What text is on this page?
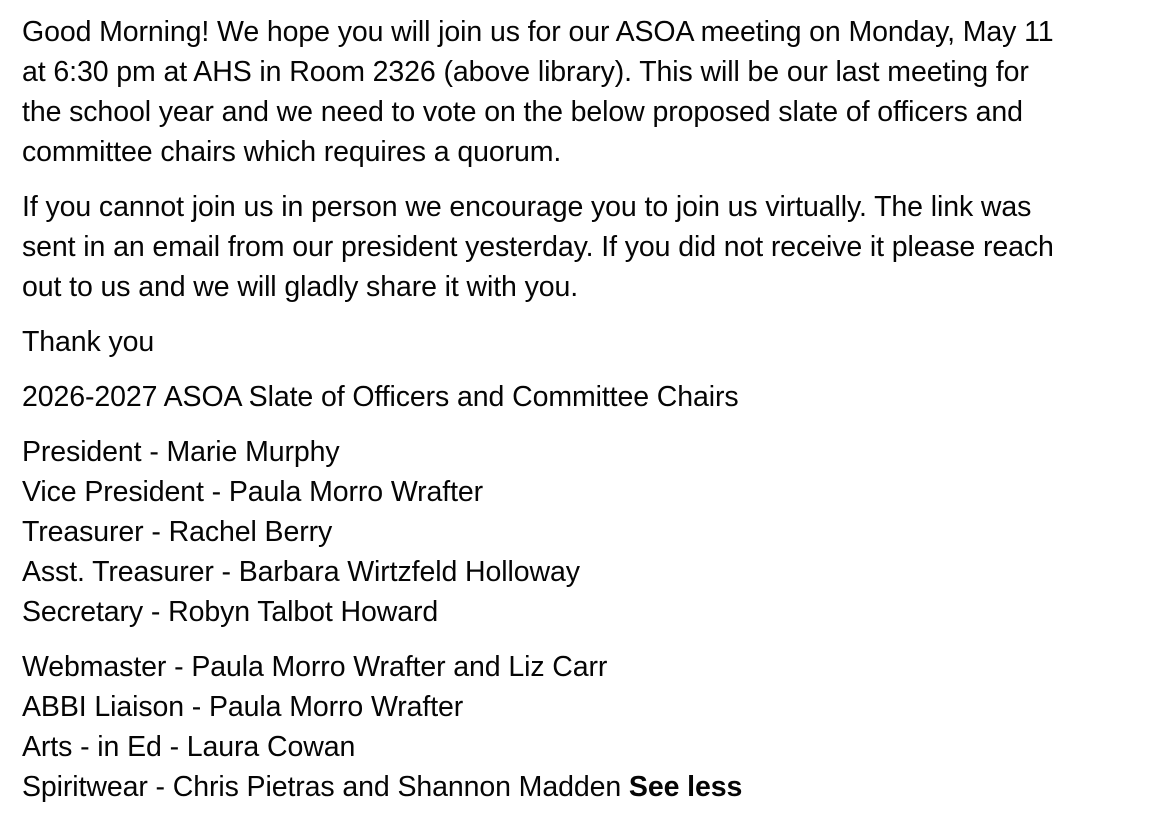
Good Morning! We hope you will join us for our ASOA meeting on Monday, May 11
at 6:30 pm at AHS in Room 2326 (above library). This will be our last meeting for
the school year and we need to vote on the below proposed slate of officers and
committee chairs which requires a quorum.

If you cannot join us in person we encourage you to join us virtually. The link was
sent in an email from our president yesterday. If you did not receive it please reach
out to us and we will gladly share it with you.

Thank you

2026-2027 ASOA Slate of Officers and Committee Chairs

President - Marie Murphy
Vice President - Paula Morro Wrafter
Treasurer - Rachel Berry
Asst. Treasurer - Barbara Wirtzfeld Holloway
Secretary - Robyn Talbot Howard

Webmaster - Paula Morro Wrafter and Liz Carr
ABBI Liaison - Paula Morro Wrafter
Arts - in Ed - Laura Cowan
Spiritwear - Chris Pietras and Shannon Madden See less
